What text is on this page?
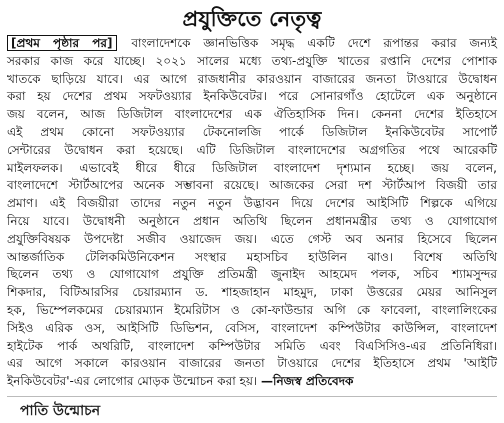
প্রযুক্তিতে নেতৃত্ব
[প্রথম পৃষ্ঠার পর] বাংলাদেশকে জ্ঞানভিত্তিক সমৃদ্ধ একটি দেশে রূপান্তর করার জন্যই
সরকার কাজ করে যাচ্ছে। ২০২১ সালের মধ্যে তথ্য-প্রযুক্তি খাতের রপ্তানি দেশের পোশাক
খাতকে ছাড়িয়ে যাবে। এর আগে রাজধানীর কারওয়ান বাজারের জনতা টাওয়ারে উদ্বোধন
করা হয় দেশের প্রথম সফটওয়্যার ইনকিউবেটর। পরে সোনারগাঁও হোটেলে এক অনুষ্ঠানে
জয় বলেন, আজ ডিজিটাল বাংলাদেশের এক ঐতিহাসিক দিন। কেননা দেশের ইতিহাসে
এই প্রথম কোনো সফটওয়্যার টেকনোলজি পার্কে ডিজিটাল ইনকিউবেটর সাপোর্ট
সেন্টারের উদ্বোধন করা হয়েছে। এটি ডিজিটাল বাংলাদেশের অগ্রগতির পথে আরেকটি
মাইলফলক। এভাবেই ধীরে ধীরে ডিজিটাল বাংলাদেশ দৃশ্যমান হচ্ছে। জয় বলেন,
বাংলাদেশে স্টার্টআপের অনেক সম্ভাবনা রয়েছে। আজকের সেরা দশ স্টার্টআপ বিজয়ী তার
প্রমাণ। এই বিজয়ীরা তাদের নতুন নতুন উদ্ভাবন দিয়ে দেশের আইসিটি শিল্পকে এগিয়ে
নিয়ে যাবে। উদ্বোধনী অনুষ্ঠানে প্রধান অতিথি ছিলেন প্রধানমন্ত্রীর তথ্য ও যোগাযোগ
প্রযুক্তিবিষয়ক উপদেষ্টা সজীব ওয়াজেদ জয়। এতে গেস্ট অব অনার হিসেবে ছিলেন
আন্তর্জাতিক টেলিকমিউনিকেশন সংস্থার মহাসচিব হাউলিন ঝাও। বিশেষ অতিথি
ছিলেন তথ্য ও যোগাযোগ প্রযুক্তি প্রতিমন্ত্রী জুনাইদ আহমেদ পলক, সচিব শ্যামসুন্দর
শিকদার, বিটিআরসির চেয়ারম্যান ড. শাহজাহান মাহমুদ, ঢাকা উত্তরের মেয়র আনিসুল
হক, ভিম্পেলকমের চেয়ারম্যান ইমেরিটাস ও কো-ফাউন্ডার অগি কে ফাবেলা, বাংলালিংকের
সিইও এরিক ওস, আইসিটি ডিভিশন, বেসিস, বাংলাদেশ কম্পিউটার কাউন্সিল, বাংলাদেশ
হাইটেক পার্ক অথরিটি, বাংলাদেশ কম্পিউটার সমিতি এবং বিএসিসিও-এর প্রতিনিধিরা।
এর আগে সকালে কারওয়ান বাজারের জনতা টাওয়ারে দেশের ইতিহাসে প্রথম 'আইটি
ইনকিউবেটর'-এর লোগোর মোড়ক উন্মোচন করা হয়। —নিজস্ব প্রতিবেদক
পাতি উন্মোচন
